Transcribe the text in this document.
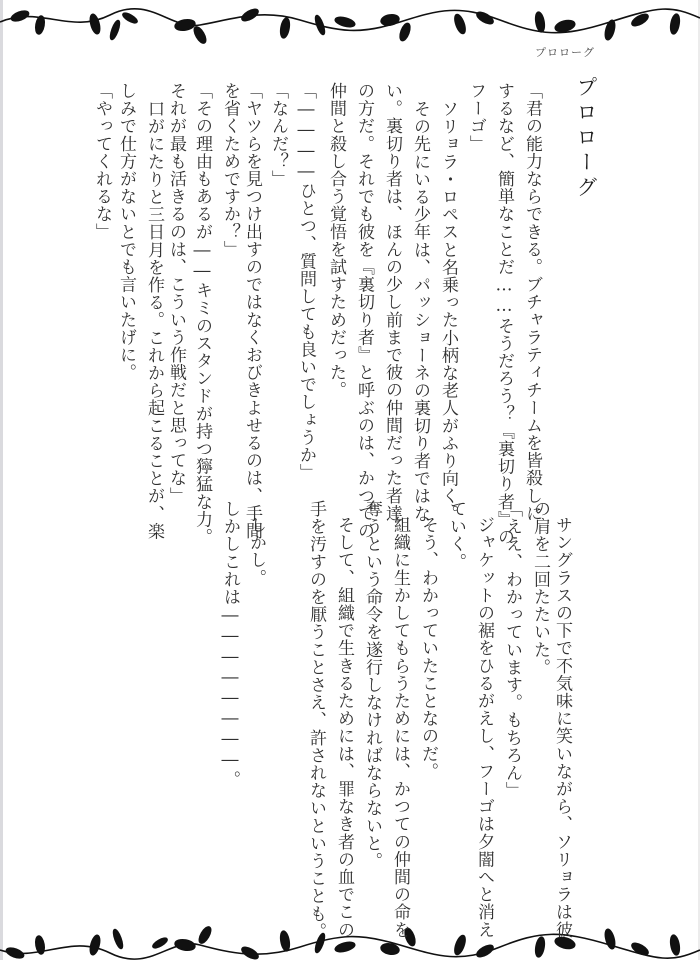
プロローグ
プロローグ
「君の能力ならできる。ブチャラティチームを皆殺しに
するなど、簡単なことだ……そうだろう？『裏切り者』の
フーゴ」
ソリョラ・ロペスと名乗った小柄な老人がふり向く。
その先にいる少年は、パッショーネの裏切り者ではな
い。裏切り者は、ほんの少し前まで彼の仲間だった者達
の方だ。それでも彼を『裏切り者』と呼ぶのは、かつての
仲間と殺し合う覚悟を試すためだった。
「――――ひとつ、質問しても良いでしょうか」
「なんだ？」
「ヤツらを見つけ出すのではなくおびきよせるのは、手間
を省くためですか？」
「その理由もあるが――キミのスタンドが持つ獰猛な力。
それが最も活きるのは、こういう作戦だと思ってな」
口がにたりと三日月を作る。これから起こることが、楽
しみで仕方がないとでも言いたげに。
「やってくれるな」
サングラスの下で不気味に笑いながら、ソリョラは彼
の肩を二回たたいた。
「ええ、わかっています。もちろん」
ジャケットの裾をひるがえし、フーゴは夕闇へと消え
ていく。
そう、わかっていたことなのだ。
組織に生かしてもらうためには、かつての仲間の命を
奪うという命令を遂行しなければならないと。
そして、組織で生きるためには、罪なき者の血でこの
手を汚すのを厭うことさえ、許されないということも。
しかし。
しかしこれは――――――――。
